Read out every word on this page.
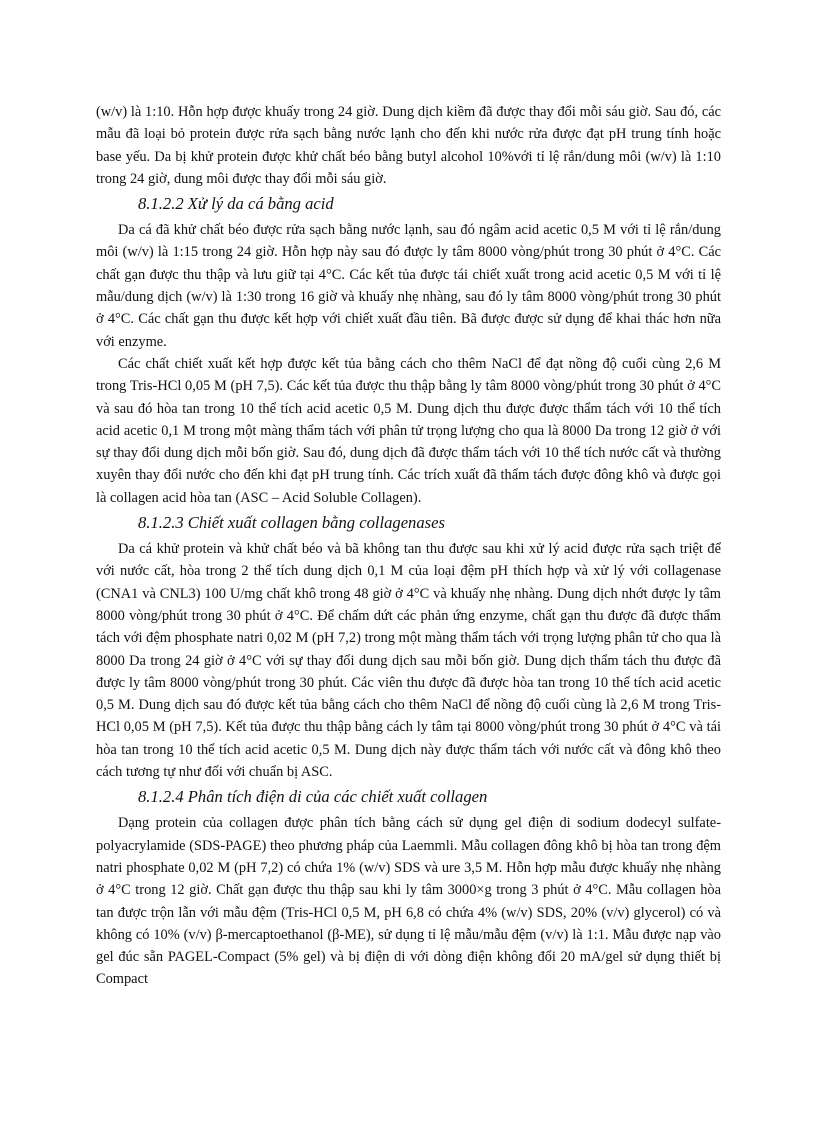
(w/v) là 1:10. Hỗn hợp được khuấy trong 24 giờ. Dung dịch kiềm đã được thay đổi mỗi sáu giờ. Sau đó, các mẫu đã loại bỏ protein được rửa sạch bằng nước lạnh cho đến khi nước rửa được đạt pH trung tính hoặc base yếu. Da bị khử protein được khử chất béo bằng butyl alcohol 10%với tỉ lệ rắn/dung môi (w/v) là 1:10 trong 24 giờ, dung môi được thay đổi mỗi sáu giờ.

8.1.2.2 Xử lý da cá bằng acid

Da cá đã khử chất béo được rửa sạch bằng nước lạnh, sau đó ngâm acid acetic 0,5 M với tỉ lệ rắn/dung môi (w/v) là 1:15 trong 24 giờ. Hỗn hợp này sau đó được ly tâm 8000 vòng/phút trong 30 phút ở 4°C. Các chất gạn được thu thập và lưu giữ tại 4°C. Các kết tủa được tái chiết xuất trong acid acetic 0,5 M với tỉ lệ mẫu/dung dịch (w/v) là 1:30 trong 16 giờ và khuấy nhẹ nhàng, sau đó ly tâm 8000 vòng/phút trong 30 phút ở 4°C. Các chất gạn thu được kết hợp với chiết xuất đầu tiên. Bã được được sử dụng để khai thác hơn nữa với enzyme.

Các chất chiết xuất kết hợp được kết tủa bằng cách cho thêm NaCl để đạt nồng độ cuối cùng 2,6 M trong Tris-HCl 0,05 M (pH 7,5). Các kết tủa được thu thập bằng ly tâm 8000 vòng/phút trong 30 phút ở 4°C và sau đó hòa tan trong 10 thể tích acid acetic 0,5 M. Dung dịch thu được được thẩm tách với 10 thể tích acid acetic 0,1 M trong một màng thẩm tách với phân tử trọng lượng cho qua là 8000 Da trong 12 giờ ở với sự thay đổi dung dịch mỗi bốn giờ. Sau đó, dung dịch đã được thẩm tách với 10 thể tích nước cất và thường xuyên thay đổi nước cho đến khi đạt pH trung tính. Các trích xuất đã thẩm tách được đông khô và được gọi là collagen acid hòa tan (ASC – Acid Soluble Collagen).

8.1.2.3 Chiết xuất collagen bằng collagenases

Da cá khử protein và khử chất béo và bã không tan thu được sau khi xử lý acid được rửa sạch triệt để với nước cất, hòa trong 2 thể tích dung dịch 0,1 M của loại đệm pH thích hợp và xử lý với collagenase (CNA1 và CNL3) 100 U/mg chất khô trong 48 giờ ở 4°C và khuấy nhẹ nhàng. Dung dịch nhớt được ly tâm 8000 vòng/phút trong 30 phút ở 4°C. Để chấm dứt các phản ứng enzyme, chất gạn thu được đã được thẩm tách với đệm phosphate natri 0,02 M (pH 7,2) trong một màng thẩm tách với trọng lượng phân tử cho qua là 8000 Da trong 24 giờ ở 4°C với sự thay đổi dung dịch sau mỗi bốn giờ. Dung dịch thẩm tách thu được đã được ly tâm 8000 vòng/phút trong 30 phút. Các viên thu được đã được hòa tan trong 10 thể tích acid acetic 0,5 M. Dung dịch sau đó được kết tủa bằng cách cho thêm NaCl để nồng độ cuối cùng là 2,6 M trong Tris-HCl 0,05 M (pH 7,5). Kết tủa được thu thập bằng cách ly tâm tại 8000 vòng/phút trong 30 phút ở 4°C và tái hòa tan trong 10 thể tích acid acetic 0,5 M. Dung dịch này được thẩm tách với nước cất và đông khô theo cách tương tự như đối với chuẩn bị ASC.

8.1.2.4 Phân tích điện di của các chiết xuất collagen

Dạng protein của collagen được phân tích bằng cách sử dụng gel điện di sodium dodecyl sulfate-polyacrylamide (SDS-PAGE) theo phương pháp của Laemmli. Mẫu collagen đông khô bị hòa tan trong đệm natri phosphate 0,02 M (pH 7,2) có chứa 1% (w/v) SDS và ure 3,5 M. Hỗn hợp mẫu được khuấy nhẹ nhàng ở 4°C trong 12 giờ. Chất gạn được thu thập sau khi ly tâm 3000×g trong 3 phút ở 4°C. Mẫu collagen hòa tan được trộn lẫn với mẫu đệm (Tris-HCl 0,5 M, pH 6,8 có chứa 4% (w/v) SDS, 20% (v/v) glycerol) có và không có 10% (v/v) β-mercaptoethanol (β-ME), sử dụng tỉ lệ mẫu/mẫu đệm (v/v) là 1:1. Mẫu được nạp vào gel đúc sẵn PAGEL-Compact (5% gel) và bị điện di với dòng điện không đổi 20 mA/gel sử dụng thiết bị Compact
